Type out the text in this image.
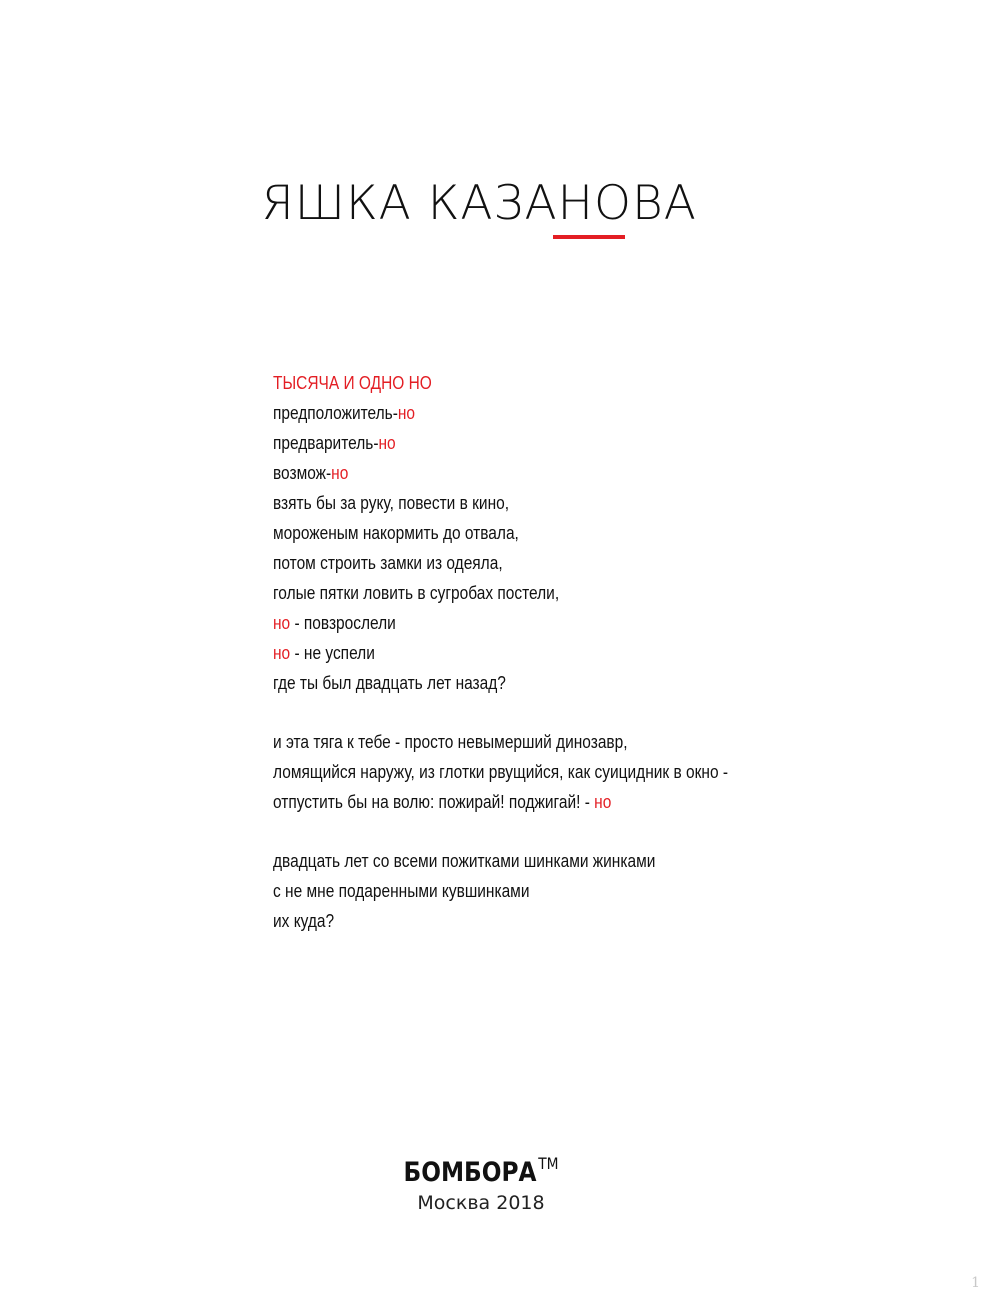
ЯШКА КАЗАНОВА
ТЫСЯЧА И ОДНО НО
предположитель-но
предваритель-но
возмож-но
взять бы за руку, повести в кино,
мороженым накормить до отвала,
потом строить замки из одеяла,
голые пятки ловить в сугробах постели,
но - повзрослели
но - не успели
где ты был двадцать лет назад?
и эта тяга к тебе - просто невымерший динозавр,
ломящийся наружу, из глотки рвущийся, как суицидник в окно -
отпустить бы на волю: пожирай! поджигай! - но
двадцать лет со всеми пожитками шинками жинками
с не мне подаренными кувшинками
их куда?
БОМБОРА ™
Москва 2018
1
